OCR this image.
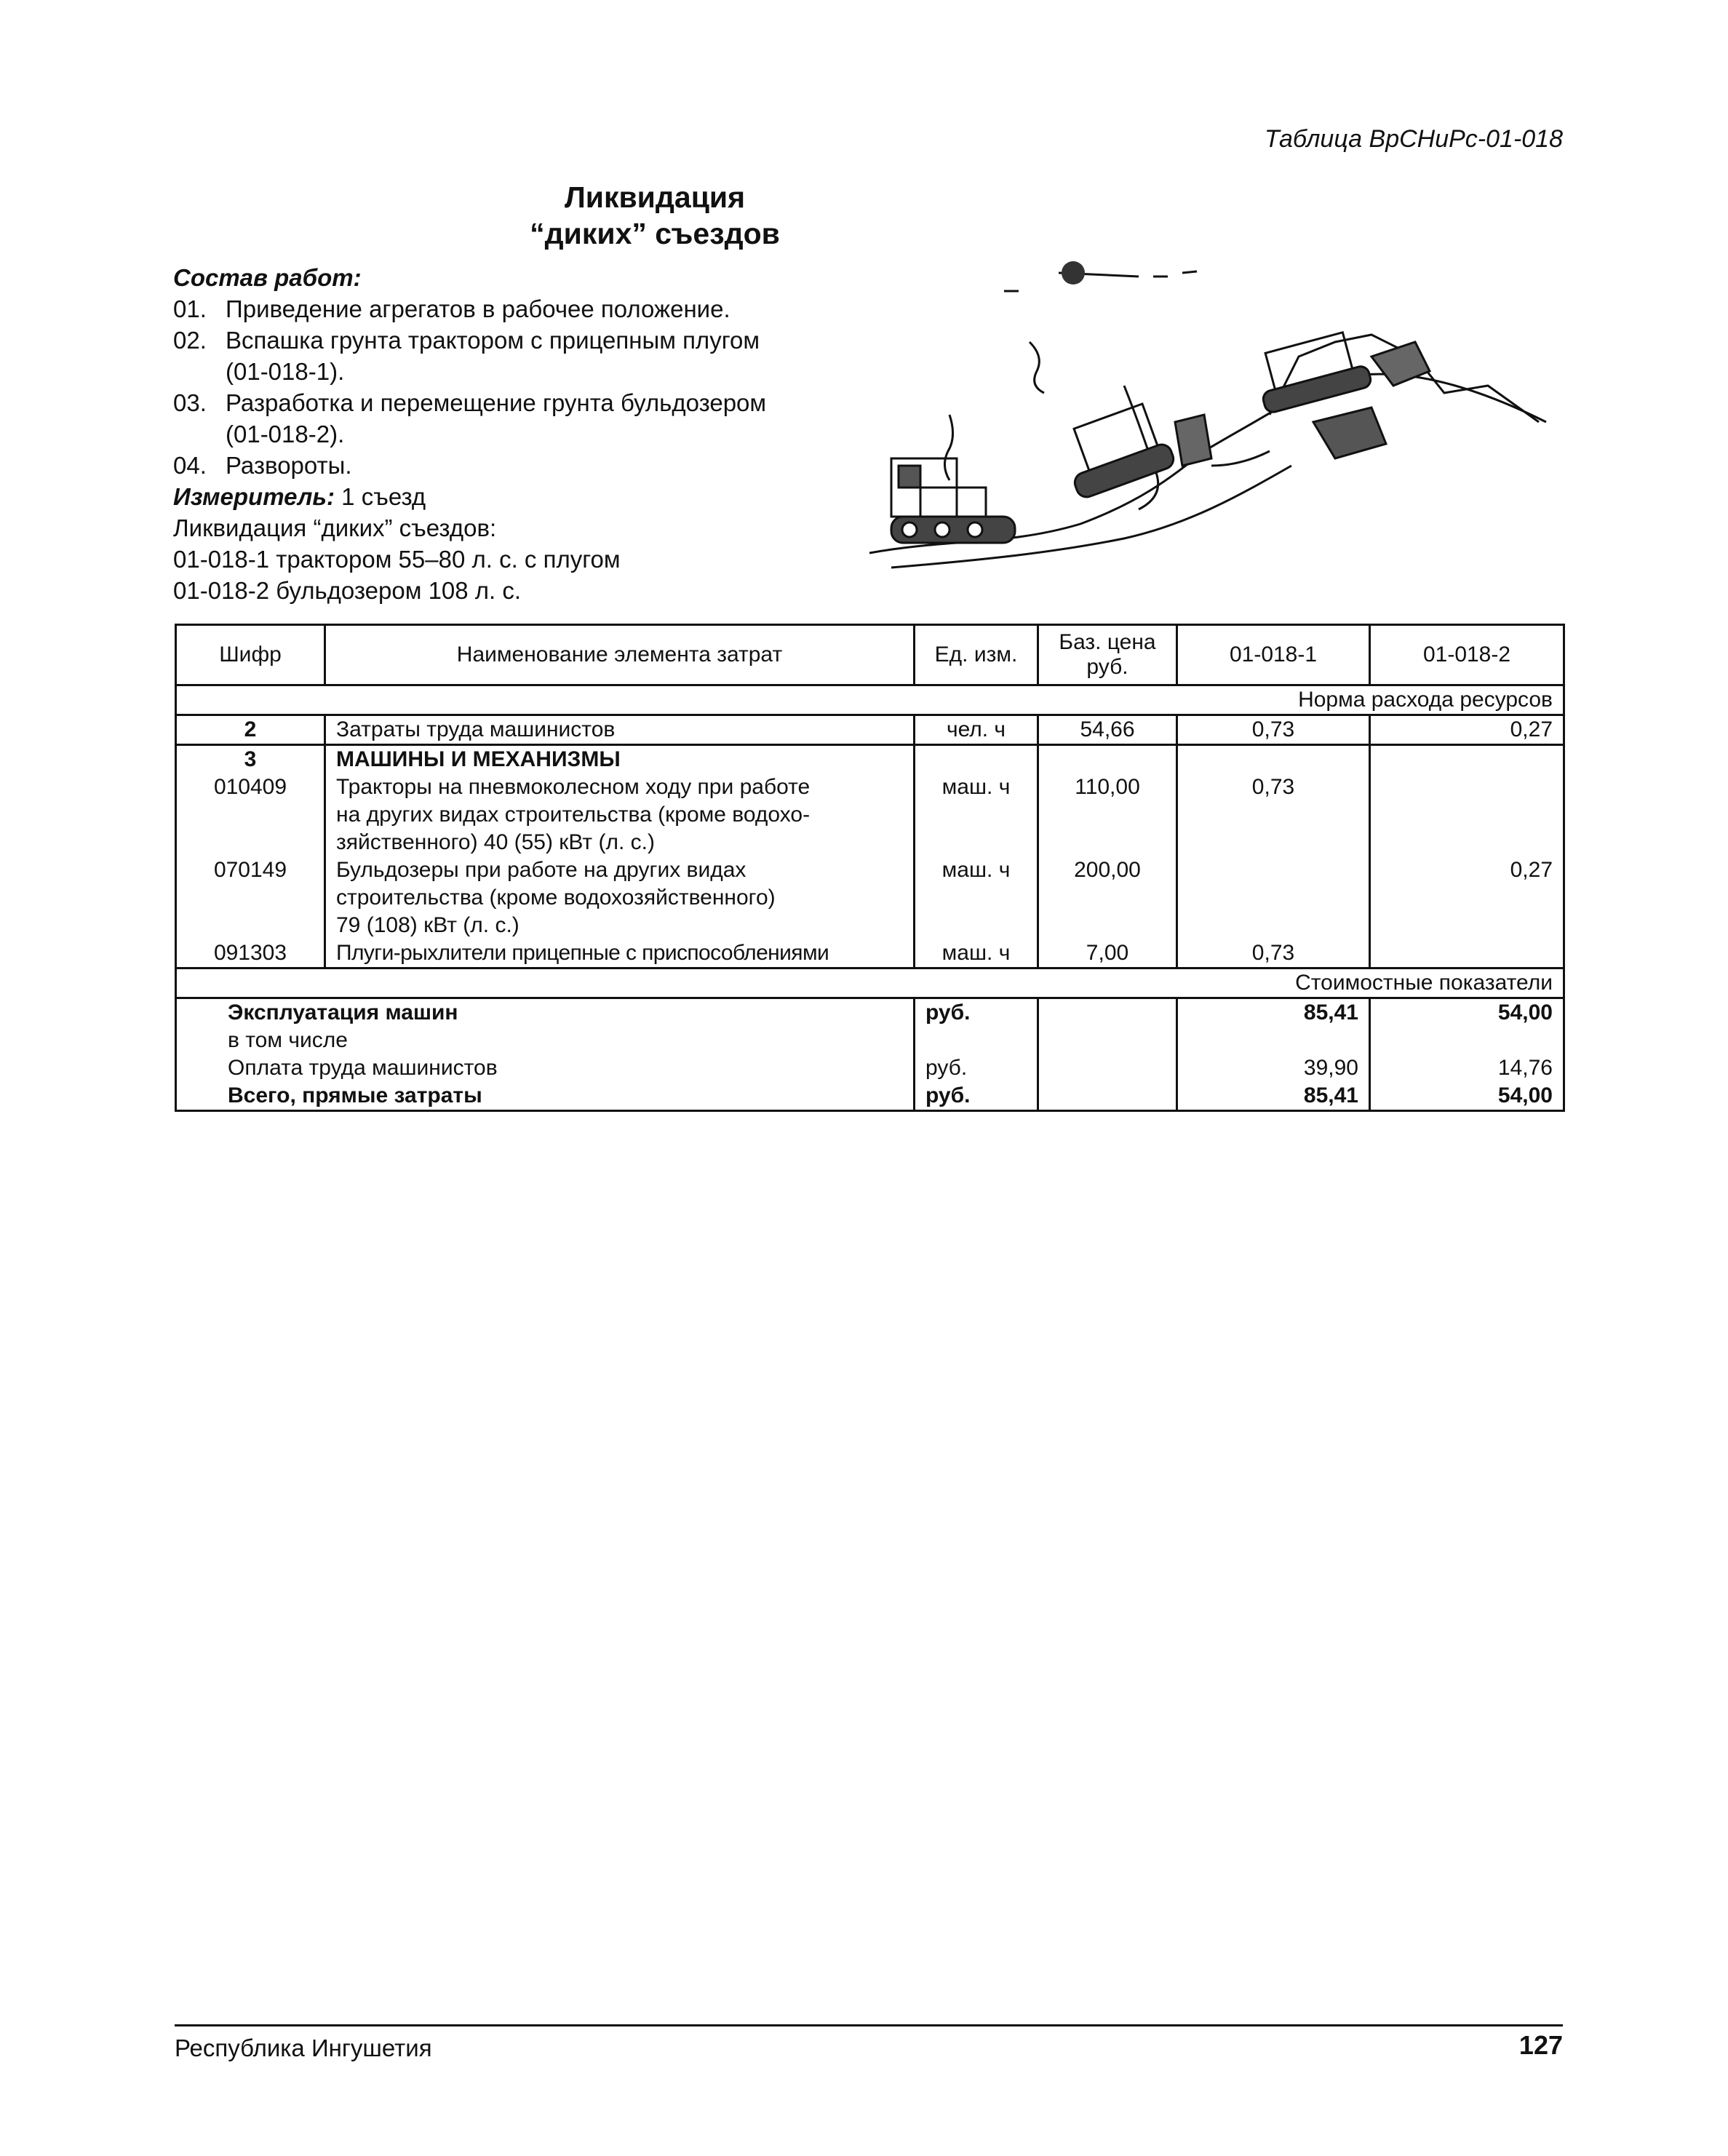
Таблица ВрСНиРс-01-018
Ликвидация
“диких” съездов
Состав работ:
01. Приведение агрегатов в рабочее положение.
02. Вспашка грунта трактором с прицепным плугом
(01-018-1).
03. Разработка и перемещение грунта бульдозером
(01-018-2).
04. Развороты.
Измеритель: 1 съезд
Ликвидация “диких” съездов:
01-018-1 трактором 55–80 л. с. с плугом
01-018-2 бульдозером 108 л. с.
Шифр	Наименование элемента затрат	Ед. изм.	Баз. цена руб.	01-018-1	01-018-2
Норма расхода ресурсов					
2	Затраты труда машинистов	чел. ч	54,66	0,73	0,27
3	МАШИНЫ И МЕХАНИЗМЫ				
010409	Тракторы на пневмоколесном ходу при работе
на других видах строительства (кроме водохо-
зяйственного) 40 (55) кВт (л. с.)	маш. ч	110,00	0,73	
070149	Бульдозеры при работе на других видах
строительства (кроме водохозяйственного)
79 (108) кВт (л. с.)	маш. ч	200,00		0,27
091303	Плуги-рыхлители прицепные с приспособлениями	маш. ч	7,00	0,73	
Стоимостные показатели					
Эксплуатация машин		руб.		85,41	54,00
в том числе					
Оплата труда машинистов		руб.		39,90	14,76
Всего, прямые затраты		руб.		85,41	54,00
Республика Ингушетия	127
